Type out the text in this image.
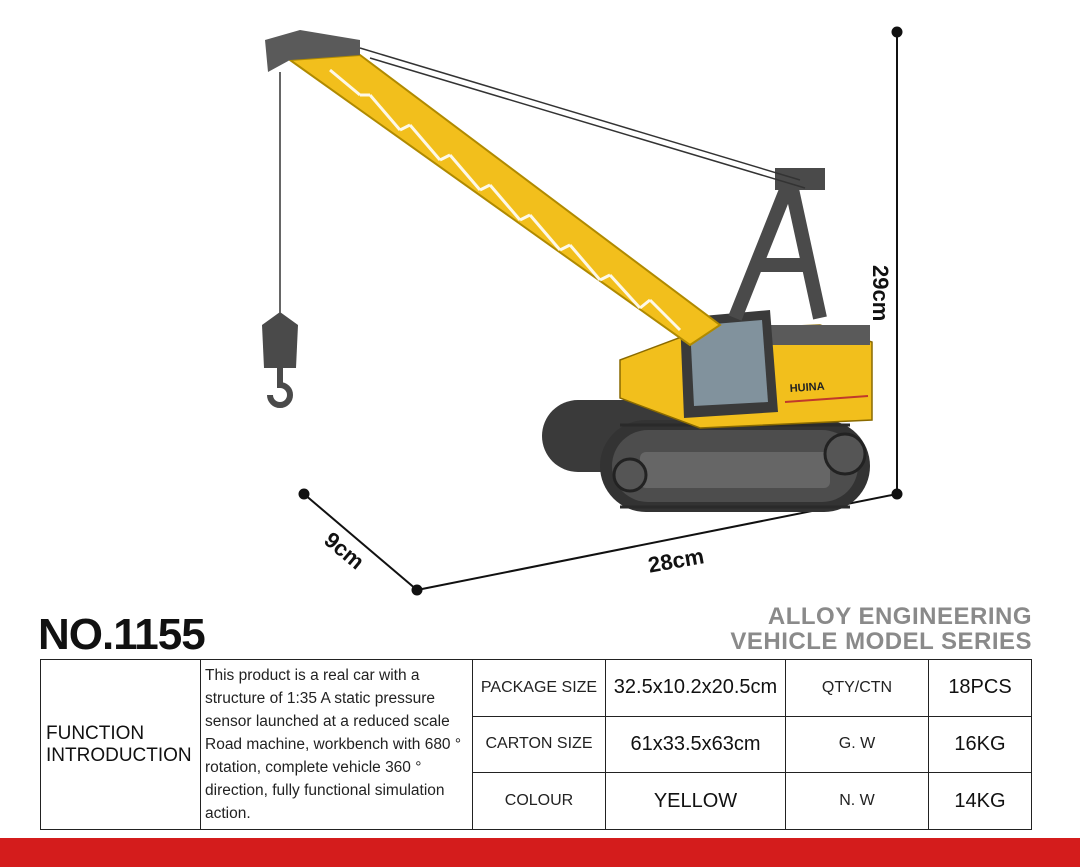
HUINA
29cm
28cm
9cm
NO.1155	ALLOY ENGINEERING
VEHICLE MODEL SERIES
FUNCTION INTRODUCTION	This product is a real car with a structure of 1:35 A static pressure sensor launched at a reduced scale Road machine, workbench with 680 ° rotation, complete vehicle 360 ° direction, fully functional simulation action.	PACKAGE SIZE	32.5x10.2x20.5cm	QTY/CTN	18PCS
		CARTON SIZE	61x33.5x63cm	G. W	16KG
		COLOUR	YELLOW	N. W	14KG
